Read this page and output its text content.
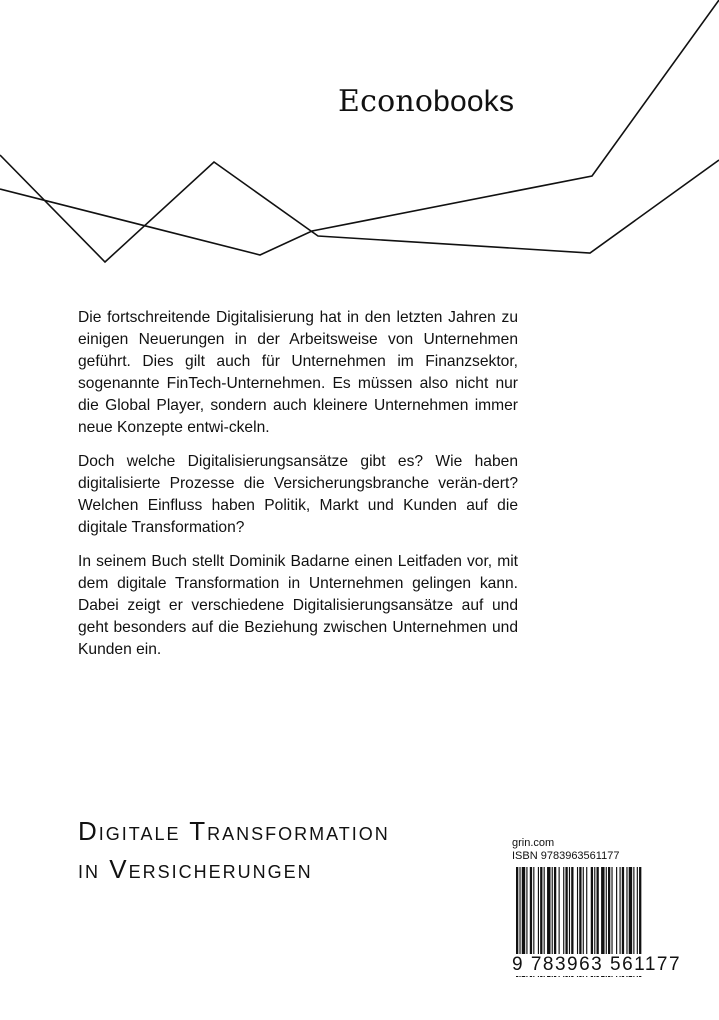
Econobooks

Die fortschreitende Digitalisierung hat in den letzten Jahren zu einigen Neuerungen in der Arbeitsweise von Unternehmen geführt. Dies gilt auch für Unternehmen im Finanzsektor, sogenannte FinTech-Unternehmen. Es müssen also nicht nur die Global Player, sondern auch kleinere Unternehmen immer neue Konzepte entwi-ckeln.

Doch welche Digitalisierungsansätze gibt es? Wie haben digitalisierte Prozesse die Versicherungsbranche verän-dert? Welchen Einfluss haben Politik, Markt und Kunden auf die digitale Transformation?

In seinem Buch stellt Dominik Badarne einen Leitfaden vor, mit dem digitale Transformation in Unternehmen gelingen kann. Dabei zeigt er verschiedene Digitalisierungsansätze auf und geht besonders auf die Beziehung zwischen Unternehmen und Kunden ein.

Digitale Transformation
in Versicherungen
grin.com
ISBN 9783963561177
9 783963 561177
